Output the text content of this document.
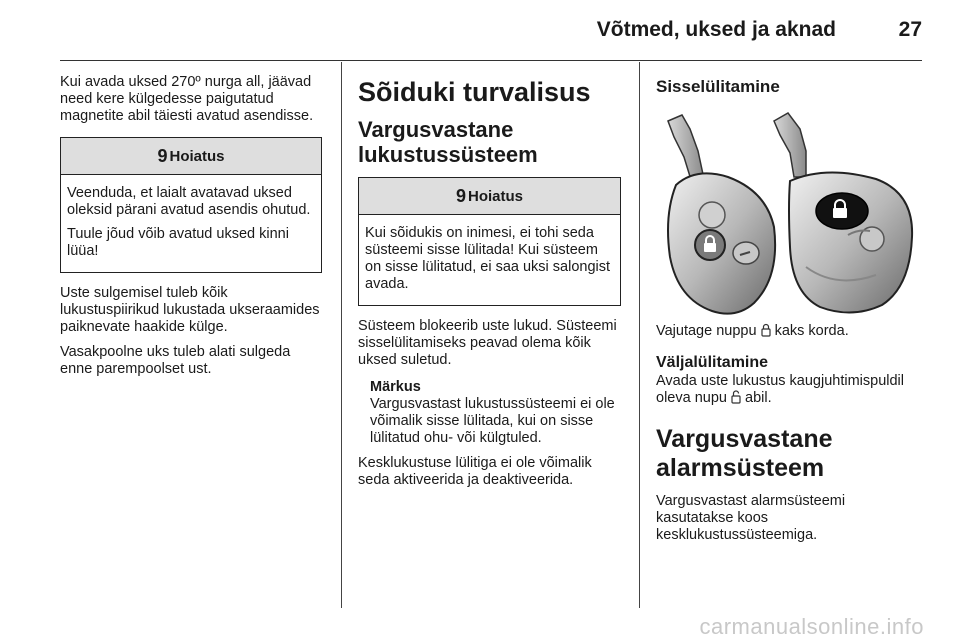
Võtmed, uksed ja aknad	27

Kui avada uksed 270º nurga all, jäävad need kere külgedesse paigutatud magnetite abil täiesti avatud asendisse.

9 Hoiatus

Veenduda, et laialt avatavad uksed oleksid pärani avatud asendis ohutud.

Tuule jõud võib avatud uksed kinni lüüa!

Uste sulgemisel tuleb kõik lukustuspiirikud lukustada ukseraamides paiknevate haakide külge.

Vasakpoolne uks tuleb alati sulgeda enne parempoolset ust.

Sõiduki turvalisus
Vargusvastane lukustussüsteem
9 Hoiatus

Kui sõidukis on inimesi, ei tohi seda süsteemi sisse lülitada! Kui süsteem on sisse lülitatud, ei saa uksi salongist avada.

Süsteem blokeerib uste lukud. Süsteemi sisselülitamiseks peavad olema kõik uksed suletud.

Märkus

Vargusvastast lukustussüsteemi ei ole võimalik sisse lülitada, kui on sisse lülitatud ohu- või külgtuled.

Kesklukustuse lülitiga ei ole võimalik seda aktiveerida ja deaktiveerida.

Sisselülitamine

Vajutage nuppu  kaks korda.

Väljalülitamine

Avada uste lukustus kaugjuhtimispuldil oleva nupu  abil.

Vargusvastane alarmsüsteem

Vargusvastast alarmsüsteemi kasutatakse koos kesklukustussüsteemiga.

carmanualsonline.info
